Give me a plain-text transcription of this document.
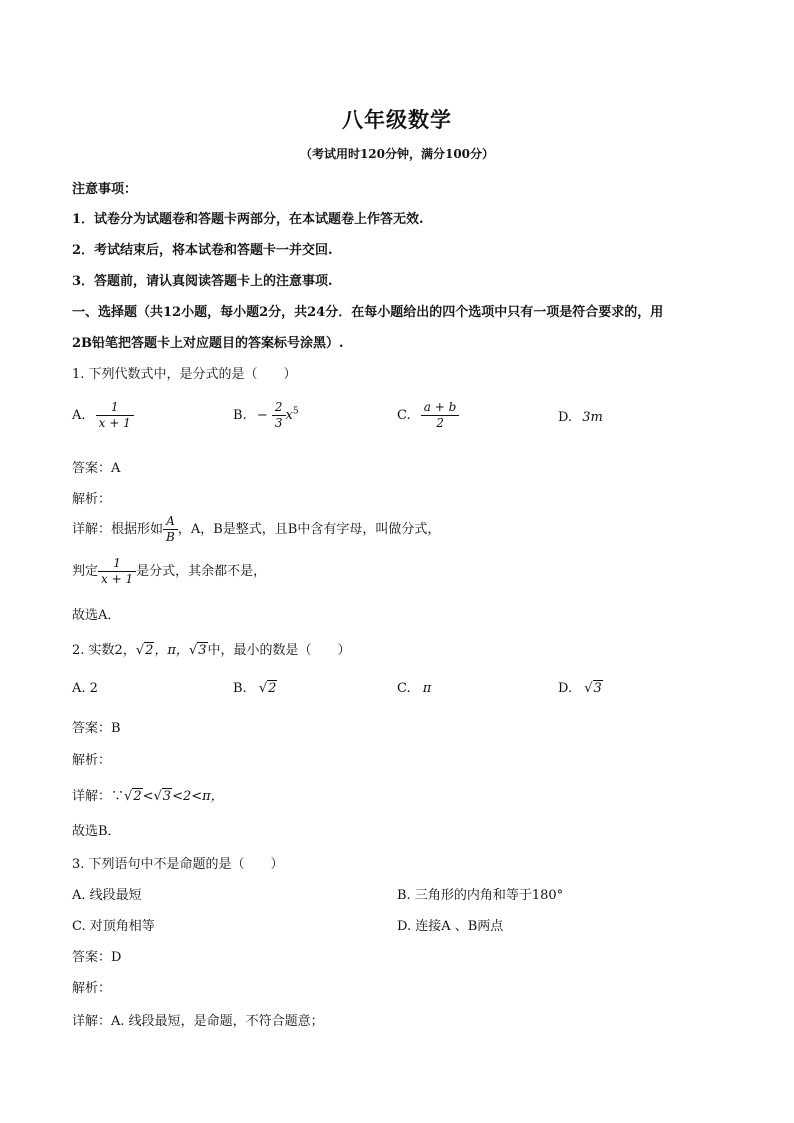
八年级数学
（考试用时120分钟，满分100分）
注意事项：
1．试卷分为试题卷和答题卡两部分，在本试题卷上作答无效.
2．考试结束后，将本试卷和答题卡一并交回.
3．答题前，请认真阅读答题卡上的注意事项.
一、选择题（共12小题，每小题2分，共24分．在每小题给出的四个选项中只有一项是符合要求的，用
2B铅笔把答题卡上对应题目的答案标号涂黑）.
1. 下列代数式中，是分式的是（　　）
A. $\frac{1}{x + 1}$	B. − $\frac{2}{3} x^5$	C. $\frac{a + b}{2}$	D. 3m
答案：A
解析：
详解：根据形如 $\frac{A}{B}$ ，A，B是整式，且B中含有字母，叫做分式，
判定 $\frac{1}{x + 1}$ 是分式，其余都不是，
故选A．
2. 实数2，√2，π，√3中，最小的数是（　　）
A. 2	B. √2	C. π	D. √3
答案：B
解析：
详解：∵√2<√3<2<π，
故选B．
3. 下列语句中不是命题的是（　　）
A. 线段最短	B. 三角形的内角和等于180°
C. 对顶角相等	D. 连接A 、B两点
答案：D
解析：
详解：A. 线段最短，是命题，不符合题意；
